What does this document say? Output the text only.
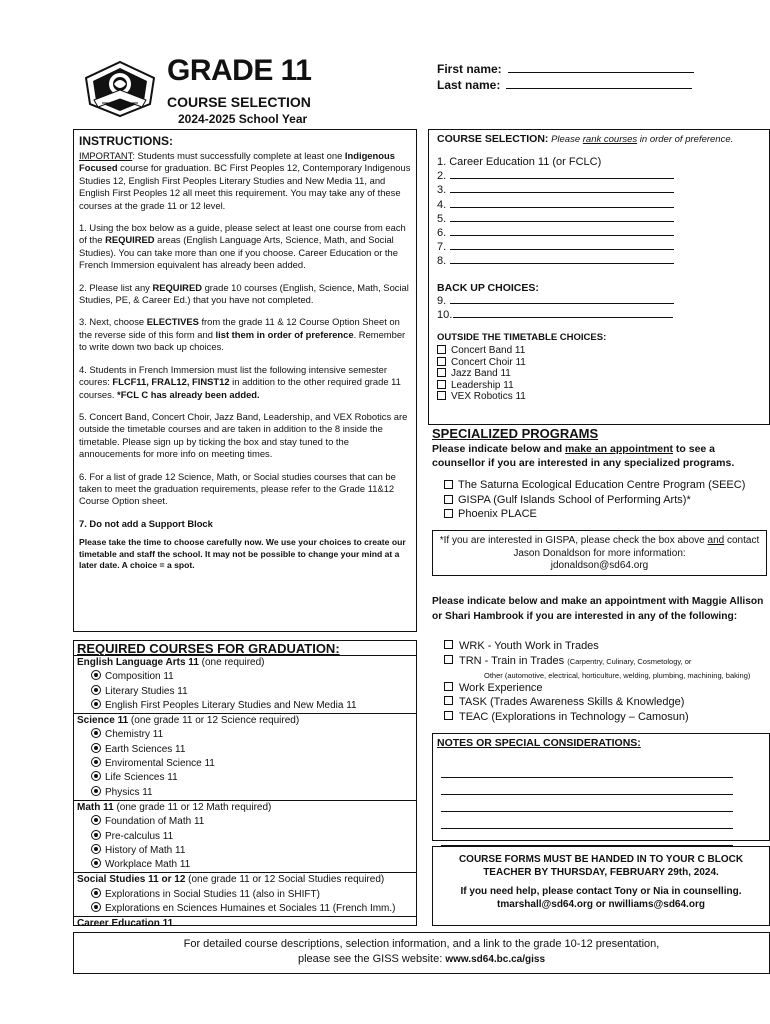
GRADE 11
COURSE SELECTION
2024-2025 School Year
First name:
Last name:
INSTRUCTIONS:

IMPORTANT: Students must successfully complete at least one Indigenous Focused course for graduation. BC First Peoples 12, Contemporary Indigenous Studies 12, English First Peoples Literary Studies and New Media 11, and English First Peoples 12 all meet this requirement. You may take any of these courses at the grade 11 or 12 level.

1. Using the box below as a guide, please select at least one course from each of the REQUIRED areas (English Language Arts, Science, Math, and Social Studies). You can take more than one if you choose. Career Education or the French Immersion equivalent has already been added.

2. Please list any REQUIRED grade 10 courses (English, Science, Math, Social Studies, PE, & Career Ed.) that you have not completed.

3. Next, choose ELECTIVES from the grade 11 & 12 Course Option Sheet on the reverse side of this form and list them in order of preference. Remember to write down two back up choices.

4. Students in French Immersion must list the following intensive semester coures: FLCF11, FRAL12, FINST12 in addition to the other required grade 11 courses. *FCL C has already been added.

5. Concert Band, Concert Choir, Jazz Band, Leadership, and VEX Robotics are outside the timetable courses and are taken in addition to the 8 inside the timetable. Please sign up by ticking the box and stay tuned to the annoucements for more info on meeting times.

6. For a list of grade 12 Science, Math, or Social studies courses that can be taken to meet the graduation requirements, please refer to the Grade 11&12 Course Option sheet.

7. Do not add a Support Block

Please take the time to choose carefully now. We use your choices to create our timetable and staff the school. It may not be possible to change your mind at a later date. A choice = a spot.

COURSE SELECTION: Please rank courses in order of preference.
1. Career Education 11 (or FCLC)
2.
3.
4.
5.
6.
7.
8.
BACK UP CHOICES:
9.
10.
OUTSIDE THE TIMETABLE CHOICES:
Concert Band 11
Concert Choir 11
Jazz Band 11
Leadership 11
VEX Robotics 11
SPECIALIZED PROGRAMS
Please indicate below and make an appointment to see a counsellor if you are interested in any specialized programs.
The Saturna Ecological Education Centre Program (SEEC)
GISPA (Gulf Islands School of Performing Arts)*
Phoenix PLACE
*If you are interested in GISPA, please check the box above and contact Jason Donaldson for more information:
jdonaldson@sd64.org
Please indicate below and make an appointment with Maggie Allison or Shari Hambrook if you are interested in any of the following:
WRK - Youth Work in Trades
TRN - Train in Trades (Carpentry, Culinary, Cosmetology, or
Other (automotive, electrical, horticulture, welding, plumbing, machining, baking)
Work Experience
TASK (Trades Awareness Skills & Knowledge)
TEAC (Explorations in Technology – Camosun)
NOTES OR SPECIAL CONSIDERATIONS:
COURSE FORMS MUST BE HANDED IN TO YOUR C BLOCK TEACHER BY THURSDAY, FEBRUARY 29th, 2024.
If you need help, please contact Tony or Nia in counselling. tmarshall@sd64.org or nwilliams@sd64.org
REQUIRED COURSES FOR GRADUATION:
English Language Arts 11 (one required)
Composition 11
Literary Studies 11
English First Peoples Literary Studies and New Media 11
Science 11 (one grade 11 or 12 Science required)
Chemistry 11
Earth Sciences 11
Enviromental Science 11
Life Sciences 11
Physics 11
Math 11 (one grade 11 or 12 Math required)
Foundation of Math 11
Pre-calculus 11
History of Math 11
Workplace Math 11
Social Studies 11 or 12 (one grade 11 or 12 Social Studies required)
Explorations in Social Studies 11 (also in SHIFT)
Explorations en Sciences Humaines et Sociales 11 (French Imm.)
Career Education 11
For detailed course descriptions, selection information, and a link to the grade 10-12 presentation,
please see the GISS website: www.sd64.bc.ca/giss
